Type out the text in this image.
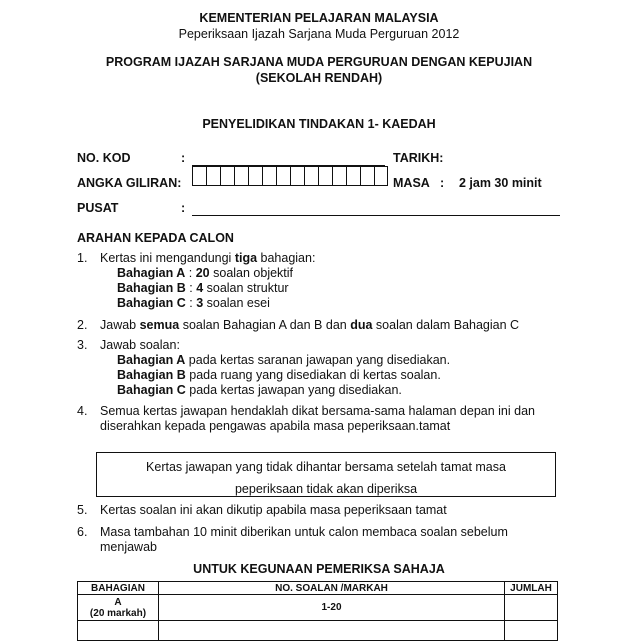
KEMENTERIAN PELAJARAN MALAYSIA
Peperiksaan Ijazah Sarjana Muda Perguruan 2012
PROGRAM IJAZAH SARJANA MUDA PERGURUAN DENGAN KEPUJIAN
(SEKOLAH RENDAH)
PENYELIDIKAN TINDAKAN 1- KAEDAH
NO. KOD	:	TARIKH:
ANGKA GILIRAN:	MASA : 2 jam 30 minit
PUSAT	:
ARAHAN KEPADA CALON
1. Kertas ini mengandungi tiga bahagian:
Bahagian A : 20 soalan objektif
Bahagian B : 4 soalan struktur
Bahagian C : 3 soalan esei
2. Jawab semua soalan Bahagian A dan B dan dua soalan dalam Bahagian C
3. Jawab soalan:
Bahagian A pada kertas saranan jawapan yang disediakan.
Bahagian B pada ruang yang disediakan di kertas soalan.
Bahagian C pada kertas jawapan yang disediakan.
4. Semua kertas jawapan hendaklah dikat bersama-sama halaman depan ini dan
diserahkan kepada pengawas apabila masa peperiksaan.tamat
Kertas jawapan yang tidak dihantar bersama setelah tamat masa
peperiksaan tidak akan diperiksa
5. Kertas soalan ini akan dikutip apabila masa peperiksaan tamat
6. Masa tambahan 10 minit diberikan untuk calon membaca soalan sebelum
menjawab
UNTUK KEGUNAAN PEMERIKSA SAHAJA
BAHAGIAN	NO. SOALAN /MARKAH	JUMLAH

A
(20 markah)	1-20	
